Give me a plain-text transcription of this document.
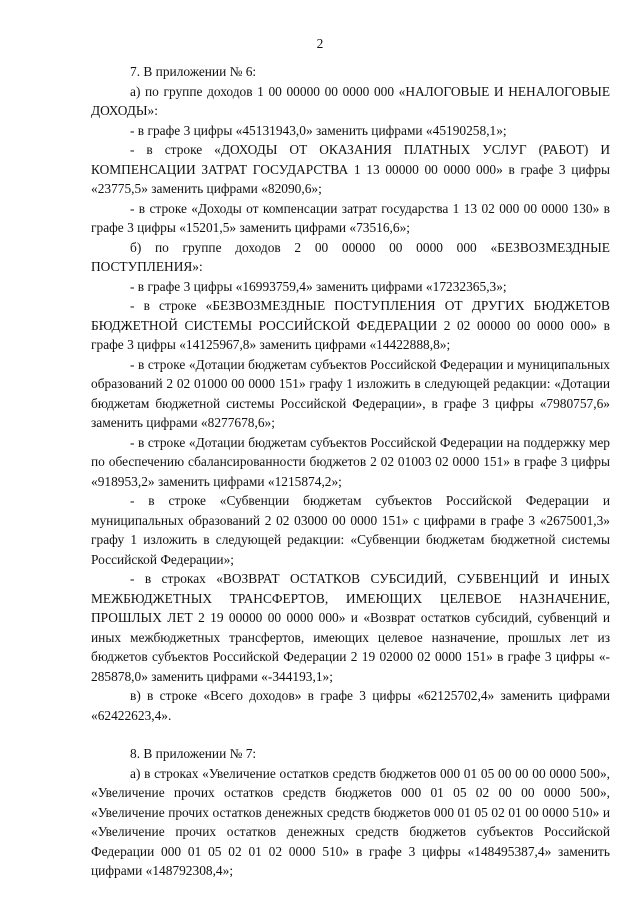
2

7. В приложении № 6:

а) по группе доходов 1 00 00000 00 0000 000 «НАЛОГОВЫЕ И НЕНАЛОГОВЫЕ ДОХОДЫ»:

- в графе 3 цифры «45131943,0» заменить цифрами «45190258,1»;

- в строке «ДОХОДЫ ОТ ОКАЗАНИЯ ПЛАТНЫХ УСЛУГ (РАБОТ) И КОМПЕНСАЦИИ ЗАТРАТ ГОСУДАРСТВА 1 13 00000 00 0000 000» в графе 3 цифры «23775,5» заменить цифрами «82090,6»;

- в строке «Доходы от компенсации затрат государства 1 13 02 000 00 0000 130» в графе 3 цифры «15201,5» заменить цифрами «73516,6»;

б) по группе доходов 2 00 00000 00 0000 000 «БЕЗВОЗМЕЗДНЫЕ ПОСТУПЛЕНИЯ»:

- в графе 3 цифры «16993759,4» заменить цифрами «17232365,3»;

- в строке «БЕЗВОЗМЕЗДНЫЕ ПОСТУПЛЕНИЯ ОТ ДРУГИХ БЮДЖЕТОВ БЮДЖЕТНОЙ СИСТЕМЫ РОССИЙСКОЙ ФЕДЕРАЦИИ 2 02 00000 00 0000 000» в графе 3 цифры «14125967,8» заменить цифрами «14422888,8»;

- в строке «Дотации бюджетам субъектов Российской Федерации и муниципальных образований 2 02 01000 00 0000 151» графу 1 изложить в следующей редакции: «Дотации бюджетам бюджетной системы Российской Федерации», в графе 3 цифры «7980757,6» заменить цифрами «8277678,6»;

- в строке «Дотации бюджетам субъектов Российской Федерации на поддержку мер по обеспечению сбалансированности бюджетов 2 02 01003 02 0000 151» в графе 3 цифры «918953,2» заменить цифрами «1215874,2»;

- в строке «Субвенции бюджетам субъектов Российской Федерации и муниципальных образований 2 02 03000 00 0000 151» с цифрами в графе 3 «2675001,3» графу 1 изложить в следующей редакции: «Субвенции бюджетам бюджетной системы Российской Федерации»;

- в строках «ВОЗВРАТ ОСТАТКОВ СУБСИДИЙ, СУБВЕНЦИЙ И ИНЫХ МЕЖБЮДЖЕТНЫХ ТРАНСФЕРТОВ, ИМЕЮЩИХ ЦЕЛЕВОЕ НАЗНАЧЕНИЕ, ПРОШЛЫХ ЛЕТ 2 19 00000 00 0000 000» и «Возврат остатков субсидий, субвенций и иных межбюджетных трансфертов, имеющих целевое назначение, прошлых лет из бюджетов субъектов Российской Федерации 2 19 02000 02 0000 151» в графе 3 цифры «- 285878,0» заменить цифрами «-344193,1»;

в) в строке «Всего доходов» в графе 3 цифры «62125702,4» заменить цифрами «62422623,4».

8. В приложении № 7:

а) в строках «Увеличение остатков средств бюджетов 000 01 05 00 00 00 0000 500», «Увеличение прочих остатков средств бюджетов 000 01 05 02 00 00 0000 500», «Увеличение прочих остатков денежных средств бюджетов 000 01 05 02 01 00 0000 510» и «Увеличение прочих остатков денежных средств бюджетов субъектов Российской Федерации 000 01 05 02 01 02 0000 510» в графе 3 цифры «148495387,4» заменить цифрами «148792308,4»;
